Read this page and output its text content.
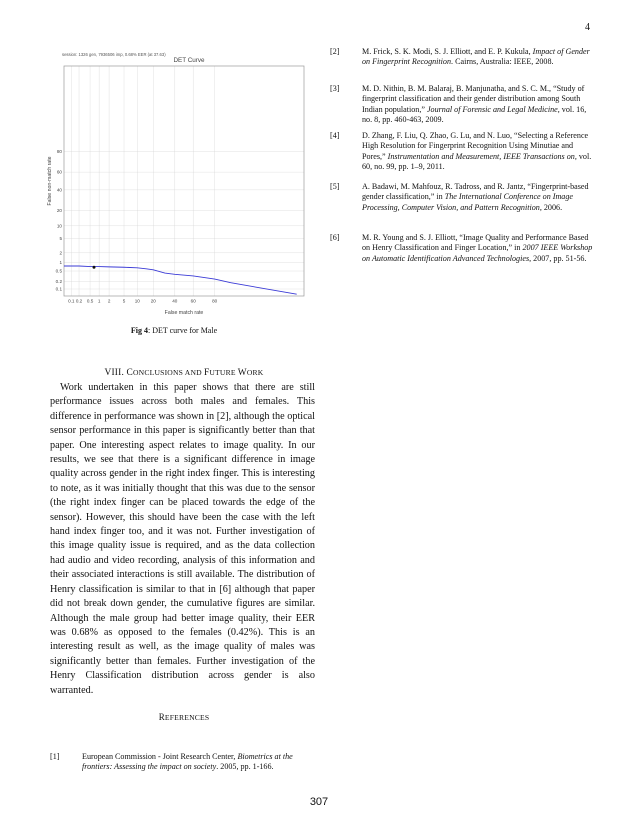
4
session: 1326 gen, 7936506 imp, 0.68% EER (at 37.63)
DET Curve
0.1 0.2 0.5 1 2	5 10 20	40	60	80
0.1
0.2
0.5
1
2
5
10
20
40
60
80
False match rate
False non-match rate
Fig 4: DET curve for Male
VIII. CONCLUSIONS AND FUTURE WORK

Work undertaken in this paper shows that there are still performance issues across both males and females. This difference in performance was shown in [2], although the optical sensor performance in this paper is significantly better than that paper. One interesting aspect relates to image quality. In our results, we see that there is a significant difference in image quality across gender in the right index finger. This is interesting to note, as it was initially thought that this was due to the sensor (the right index finger can be placed towards the edge of the sensor). However, this should have been the case with the left hand index finger too, and it was not. Further investigation of this image quality issue is required, and as the data collection had audio and video recording, analysis of this information and their associated interactions is still available. The distribution of Henry classification is similar to that in [6] although that paper did not break down gender, the cumulative figures are similar. Although the male group had better image quality, their EER was 0.68% as opposed to the females (0.42%). This is an interesting result as well, as the image quality of males was significantly better than females. Further investigation of the Henry Classification distribution across gender is also warranted.

REFERENCES
[1]	European Commission - Joint Research Center, Biometrics at the frontiers: Assessing the impact on society. 2005, pp. 1-166.
[2]	M. Frick, S. K. Modi, S. J. Elliott, and E. P. Kukula, Impact of Gender on Fingerprint Recognition. Cairns, Australia: IEEE, 2008.
[3]	M. D. Nithin, B. M. Balaraj, B. Manjunatha, and S. C. M., “Study of fingerprint classification and their gender distribution among South Indian population,” Journal of Forensic and Legal Medicine, vol. 16, no. 8, pp. 460-463, 2009.
[4]	D. Zhang, F. Liu, Q. Zhao, G. Lu, and N. Luo, “Selecting a Reference High Resolution for Fingerprint Recognition Using Minutiae and Pores,” Instrumentation and Measurement, IEEE Transactions on, vol. 60, no. 99, pp. 1–9, 2011.
[5]	A. Badawi, M. Mahfouz, R. Tadross, and R. Jantz, “Fingerprint-based gender classification,” in The International Conference on Image Processing, Computer Vision, and Pattern Recognition, 2006.
[6]	M. R. Young and S. J. Elliott, “Image Quality and Performance Based on Henry Classification and Finger Location,” in 2007 IEEE Workshop on Automatic Identification Advanced Technologies, 2007, pp. 51-56.
307
